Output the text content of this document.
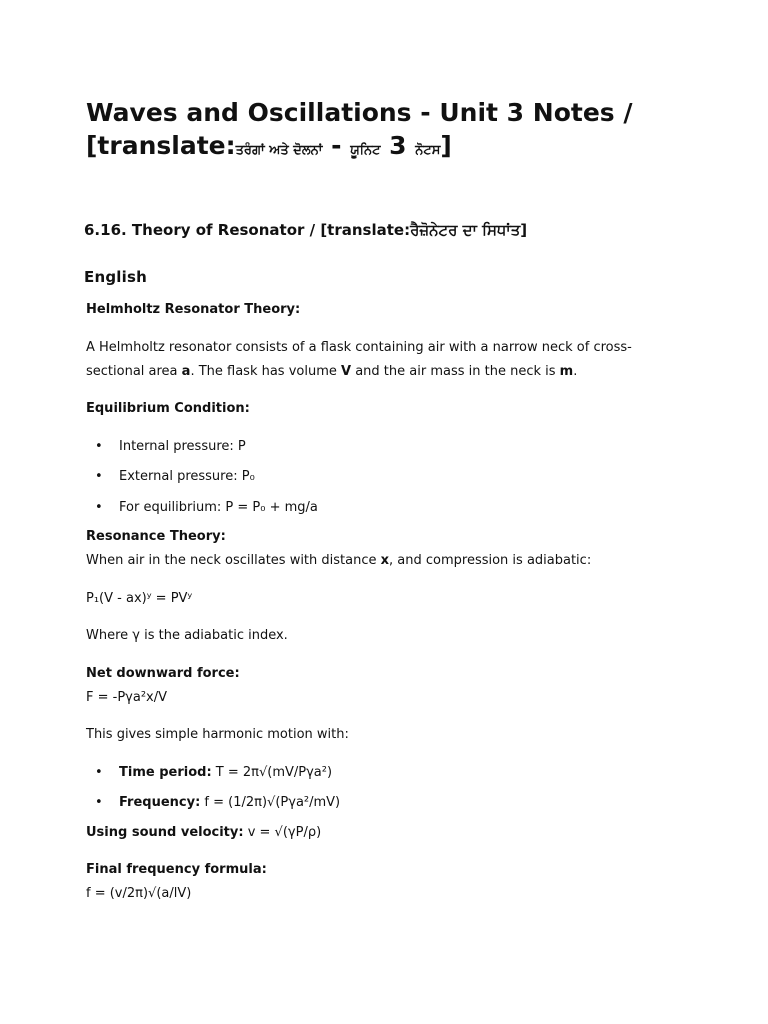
Waves and Oscillations - Unit 3 Notes /
[translate:ਤਰੰਗਾਂ ਅਤੇ ਦੋਲਨਾਂ - ਯੂਨਿਟ 3 ਨੋਟਸ]
6.16. Theory of Resonator / [translate:ਰੈਜ਼ੋਨੇਟਰ ਦਾ ਸਿਧਾਂਤ]
English
Helmholtz Resonator Theory:
A Helmholtz resonator consists of a flask containing air with a narrow neck of cross-
sectional area a. The flask has volume V and the air mass in the neck is m.
Equilibrium Condition:
• Internal pressure: P
• External pressure: P₀
• For equilibrium: P = P₀ + mg/a
Resonance Theory:
When air in the neck oscillates with distance x, and compression is adiabatic:
P₁(V - ax)ʸ = PVʸ
Where γ is the adiabatic index.
Net downward force:
F = -Pγa²x/V
This gives simple harmonic motion with:
• Time period: T = 2π√(mV/Pγa²)
• Frequency: f = (1/2π)√(Pγa²/mV)
Using sound velocity: v = √(γP/ρ)
Final frequency formula:
f = (v/2π)√(a/lV)
